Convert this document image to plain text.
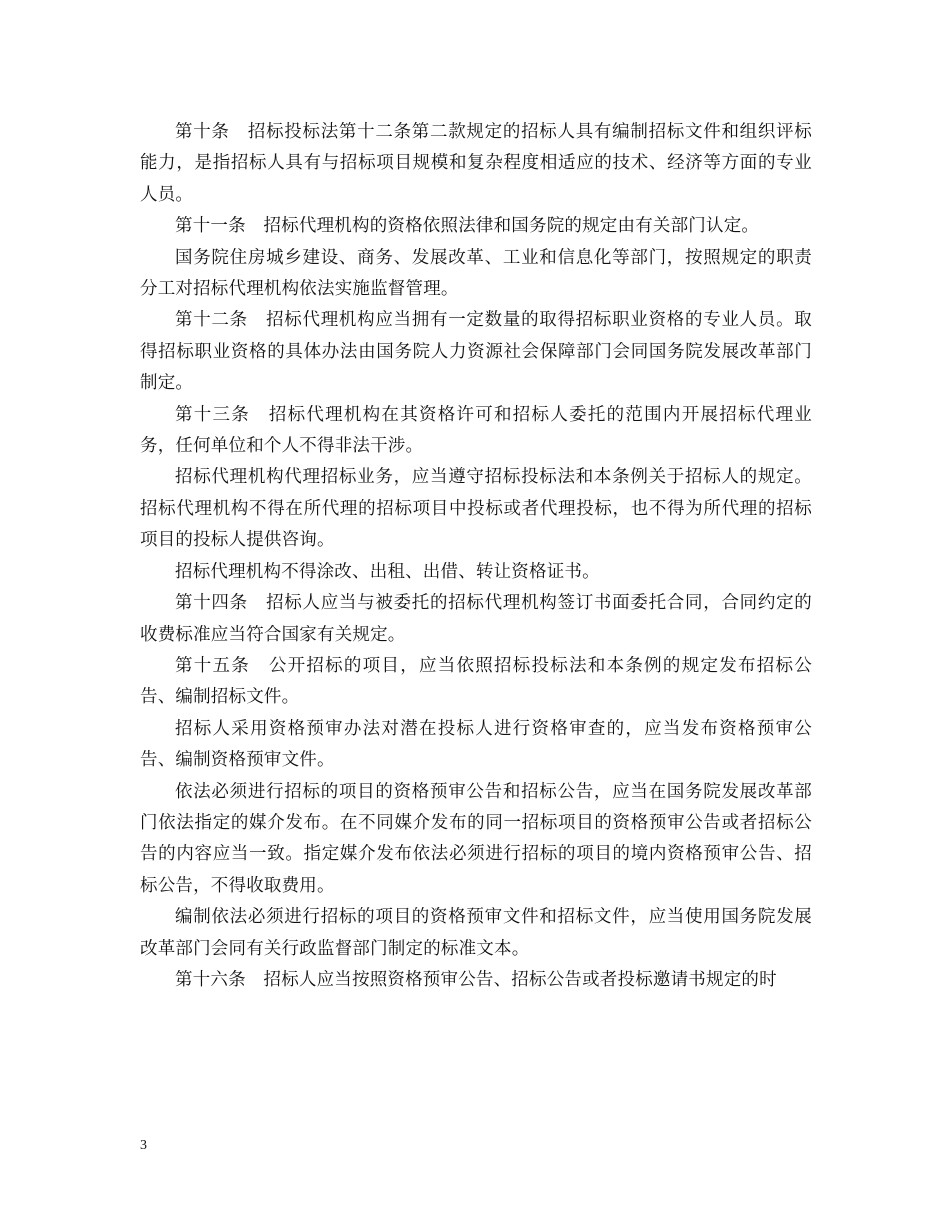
第十条　招标投标法第十二条第二款规定的招标人具有编制招标文件和组织评标能力，是指招标人具有与招标项目规模和复杂程度相适应的技术、经济等方面的专业人员。

第十一条　招标代理机构的资格依照法律和国务院的规定由有关部门认定。

国务院住房城乡建设、商务、发展改革、工业和信息化等部门，按照规定的职责分工对招标代理机构依法实施监督管理。

第十二条　招标代理机构应当拥有一定数量的取得招标职业资格的专业人员。取得招标职业资格的具体办法由国务院人力资源社会保障部门会同国务院发展改革部门制定。

第十三条　招标代理机构在其资格许可和招标人委托的范围内开展招标代理业务，任何单位和个人不得非法干涉。

招标代理机构代理招标业务，应当遵守招标投标法和本条例关于招标人的规定。招标代理机构不得在所代理的招标项目中投标或者代理投标，也不得为所代理的招标项目的投标人提供咨询。

招标代理机构不得涂改、出租、出借、转让资格证书。

第十四条　招标人应当与被委托的招标代理机构签订书面委托合同，合同约定的收费标准应当符合国家有关规定。

第十五条　公开招标的项目，应当依照招标投标法和本条例的规定发布招标公告、编制招标文件。

招标人采用资格预审办法对潜在投标人进行资格审查的，应当发布资格预审公告、编制资格预审文件。

依法必须进行招标的项目的资格预审公告和招标公告，应当在国务院发展改革部门依法指定的媒介发布。在不同媒介发布的同一招标项目的资格预审公告或者招标公告的内容应当一致。指定媒介发布依法必须进行招标的项目的境内资格预审公告、招标公告，不得收取费用。

编制依法必须进行招标的项目的资格预审文件和招标文件，应当使用国务院发展改革部门会同有关行政监督部门制定的标准文本。

第十六条　招标人应当按照资格预审公告、招标公告或者投标邀请书规定的时

3
